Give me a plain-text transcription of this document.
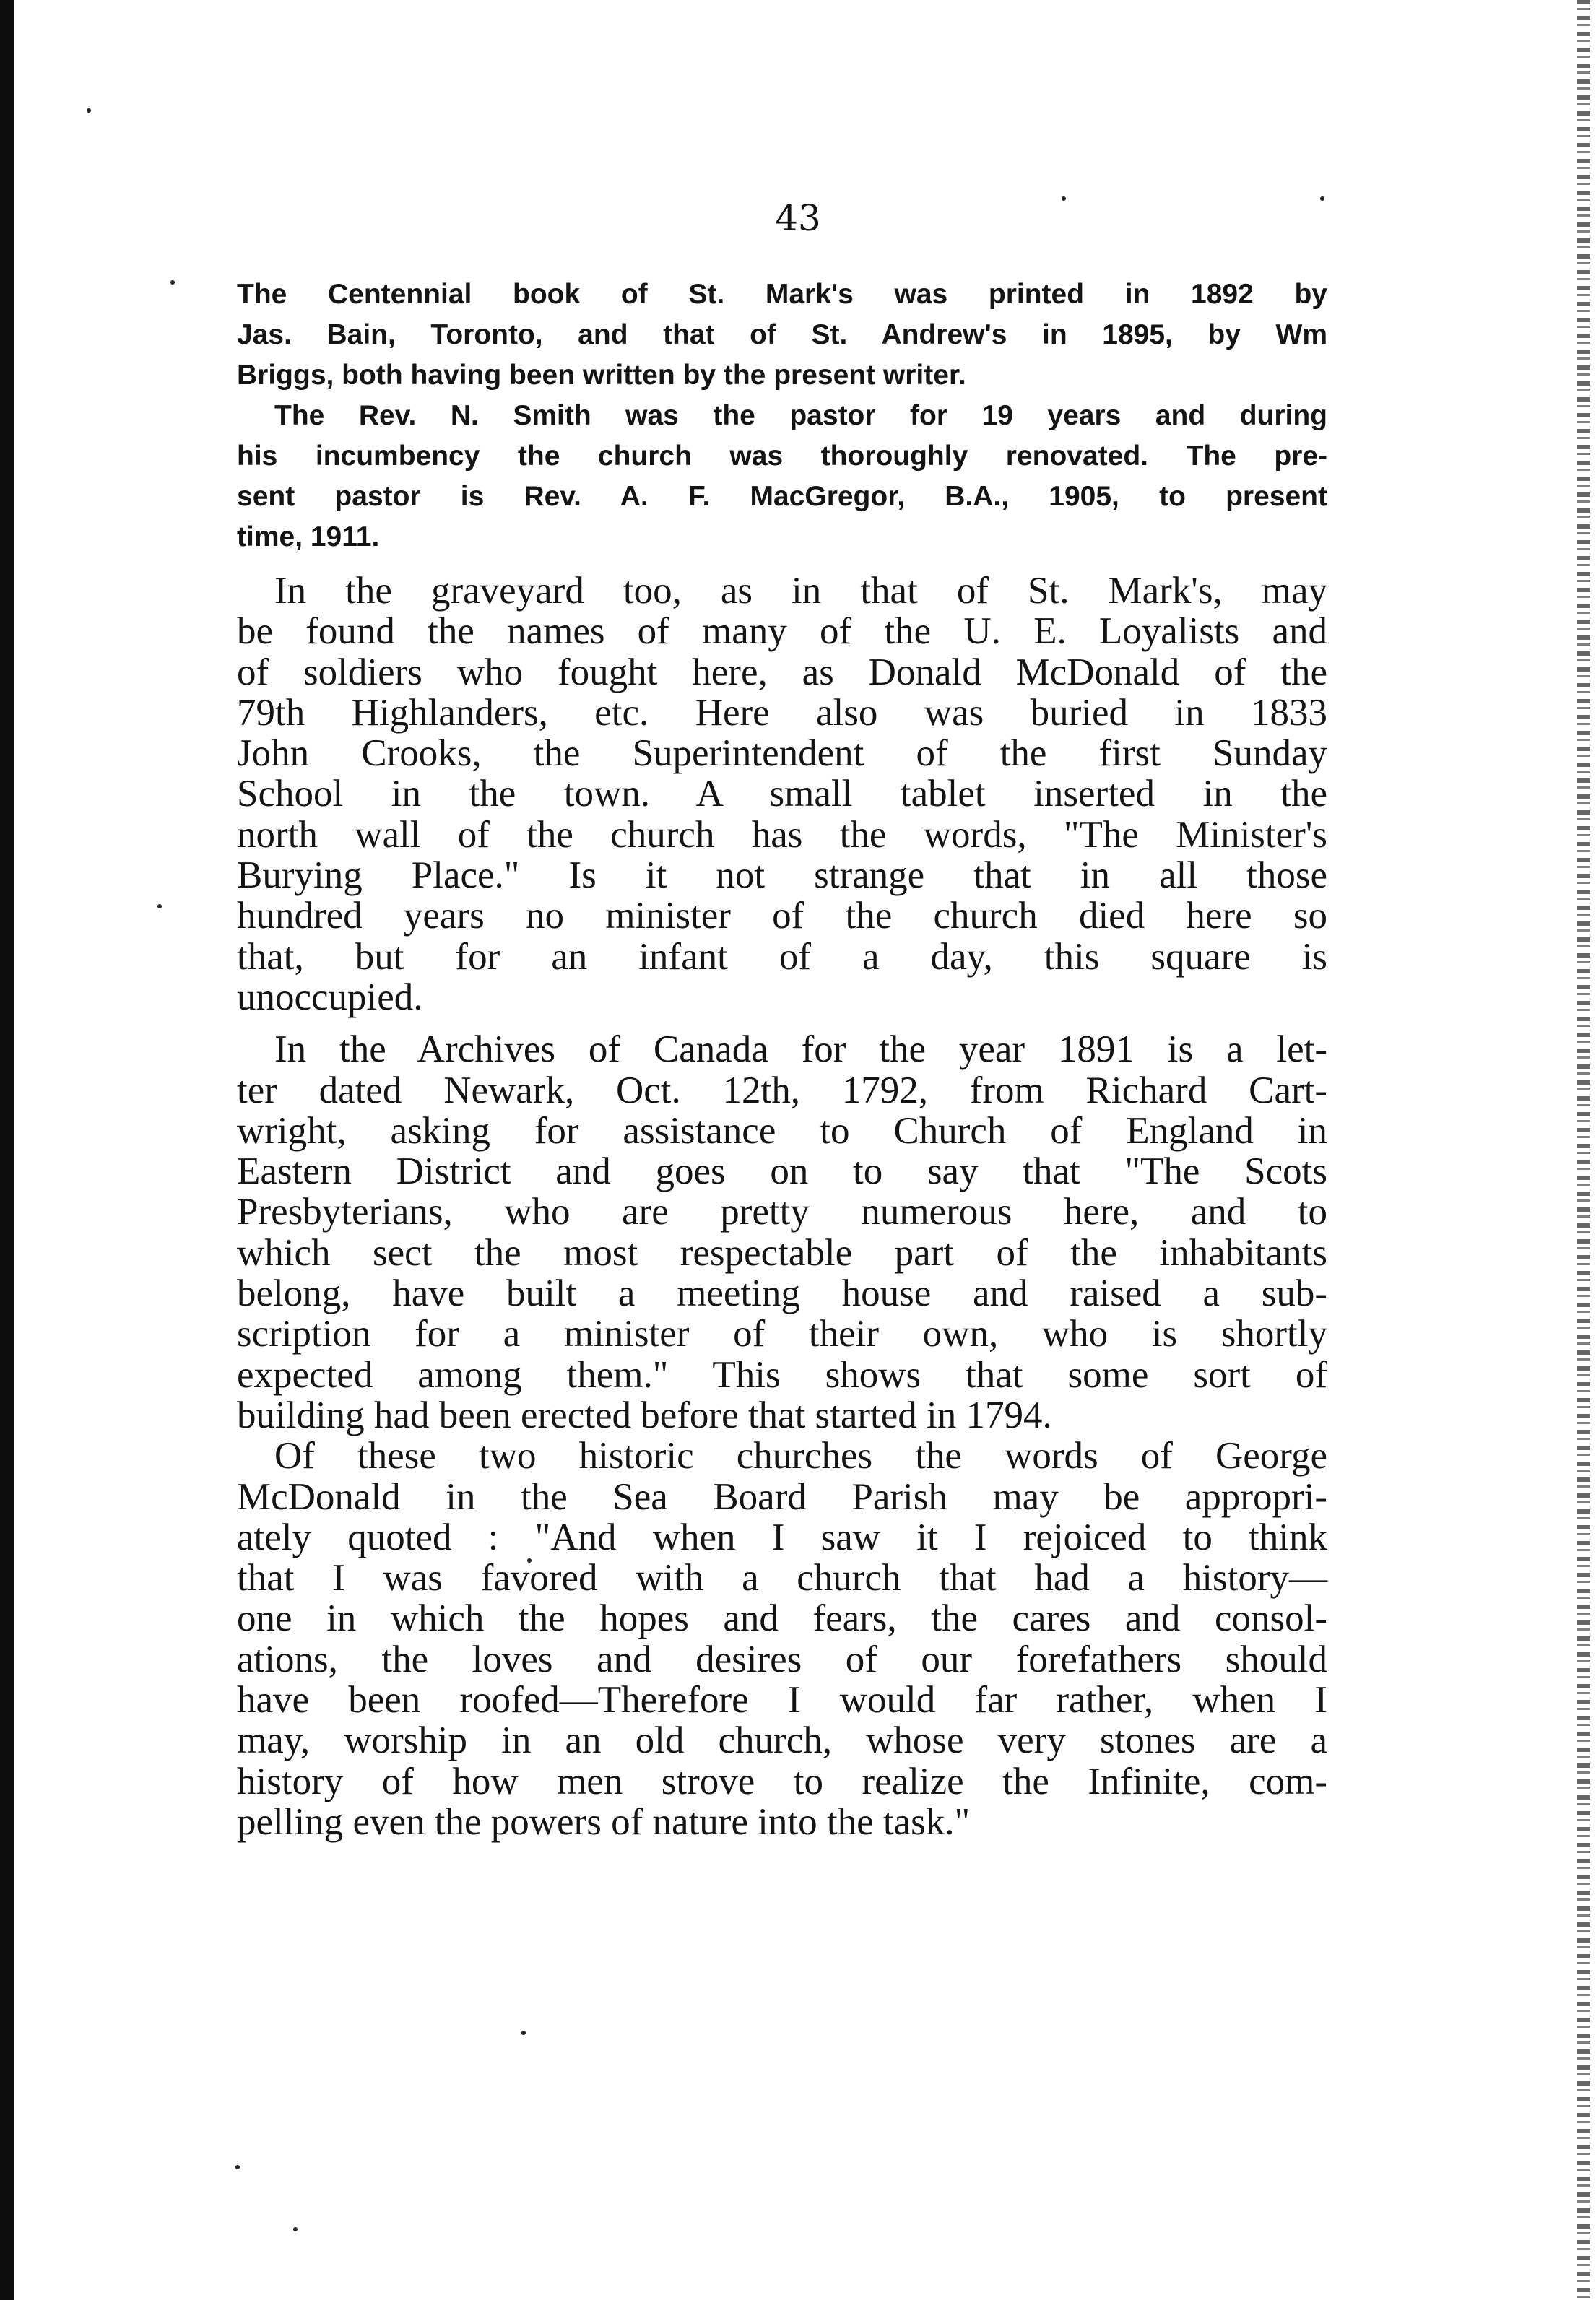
43

The Centennial book of St. Mark's was printed in 1892 by
Jas. Bain, Toronto, and that of St. Andrew's in 1895, by Wm
Briggs, both having been written by the present writer.

The Rev. N. Smith was the pastor for 19 years and during
his incumbency the church was thoroughly renovated. The pre-
sent pastor is Rev. A. F. MacGregor, B.A., 1905, to present
time, 1911.

In the graveyard too, as in that of St. Mark's, may
be found the names of many of the U. E. Loyalists and
of soldiers who fought here, as Donald McDonald of the
79th Highlanders, etc. Here also was buried in 1833
John Crooks, the Superintendent of the first Sunday
School in the town. A small tablet inserted in the
north wall of the church has the words, "The Minister's
Burying Place." Is it not strange that in all those
hundred years no minister of the church died here so
that, but for an infant of a day, this square is
unoccupied.

In the Archives of Canada for the year 1891 is a let-
ter dated Newark, Oct. 12th, 1792, from Richard Cart-
wright, asking for assistance to Church of England in
Eastern District and goes on to say that "The Scots
Presbyterians, who are pretty numerous here, and to
which sect the most respectable part of the inhabitants
belong, have built a meeting house and raised a sub-
scription for a minister of their own, who is shortly
expected among them." This shows that some sort of
building had been erected before that started in 1794.

Of these two historic churches the words of George
McDonald in the Sea Board Parish may be appropri-
ately quoted : "And when I saw it I rejoiced to think
that I was favored with a church that had a history—
one in which the hopes and fears, the cares and consol-
ations, the loves and desires of our forefathers should
have been roofed—Therefore I would far rather, when I
may, worship in an old church, whose very stones are a
history of how men strove to realize the Infinite, com-
pelling even the powers of nature into the task."
